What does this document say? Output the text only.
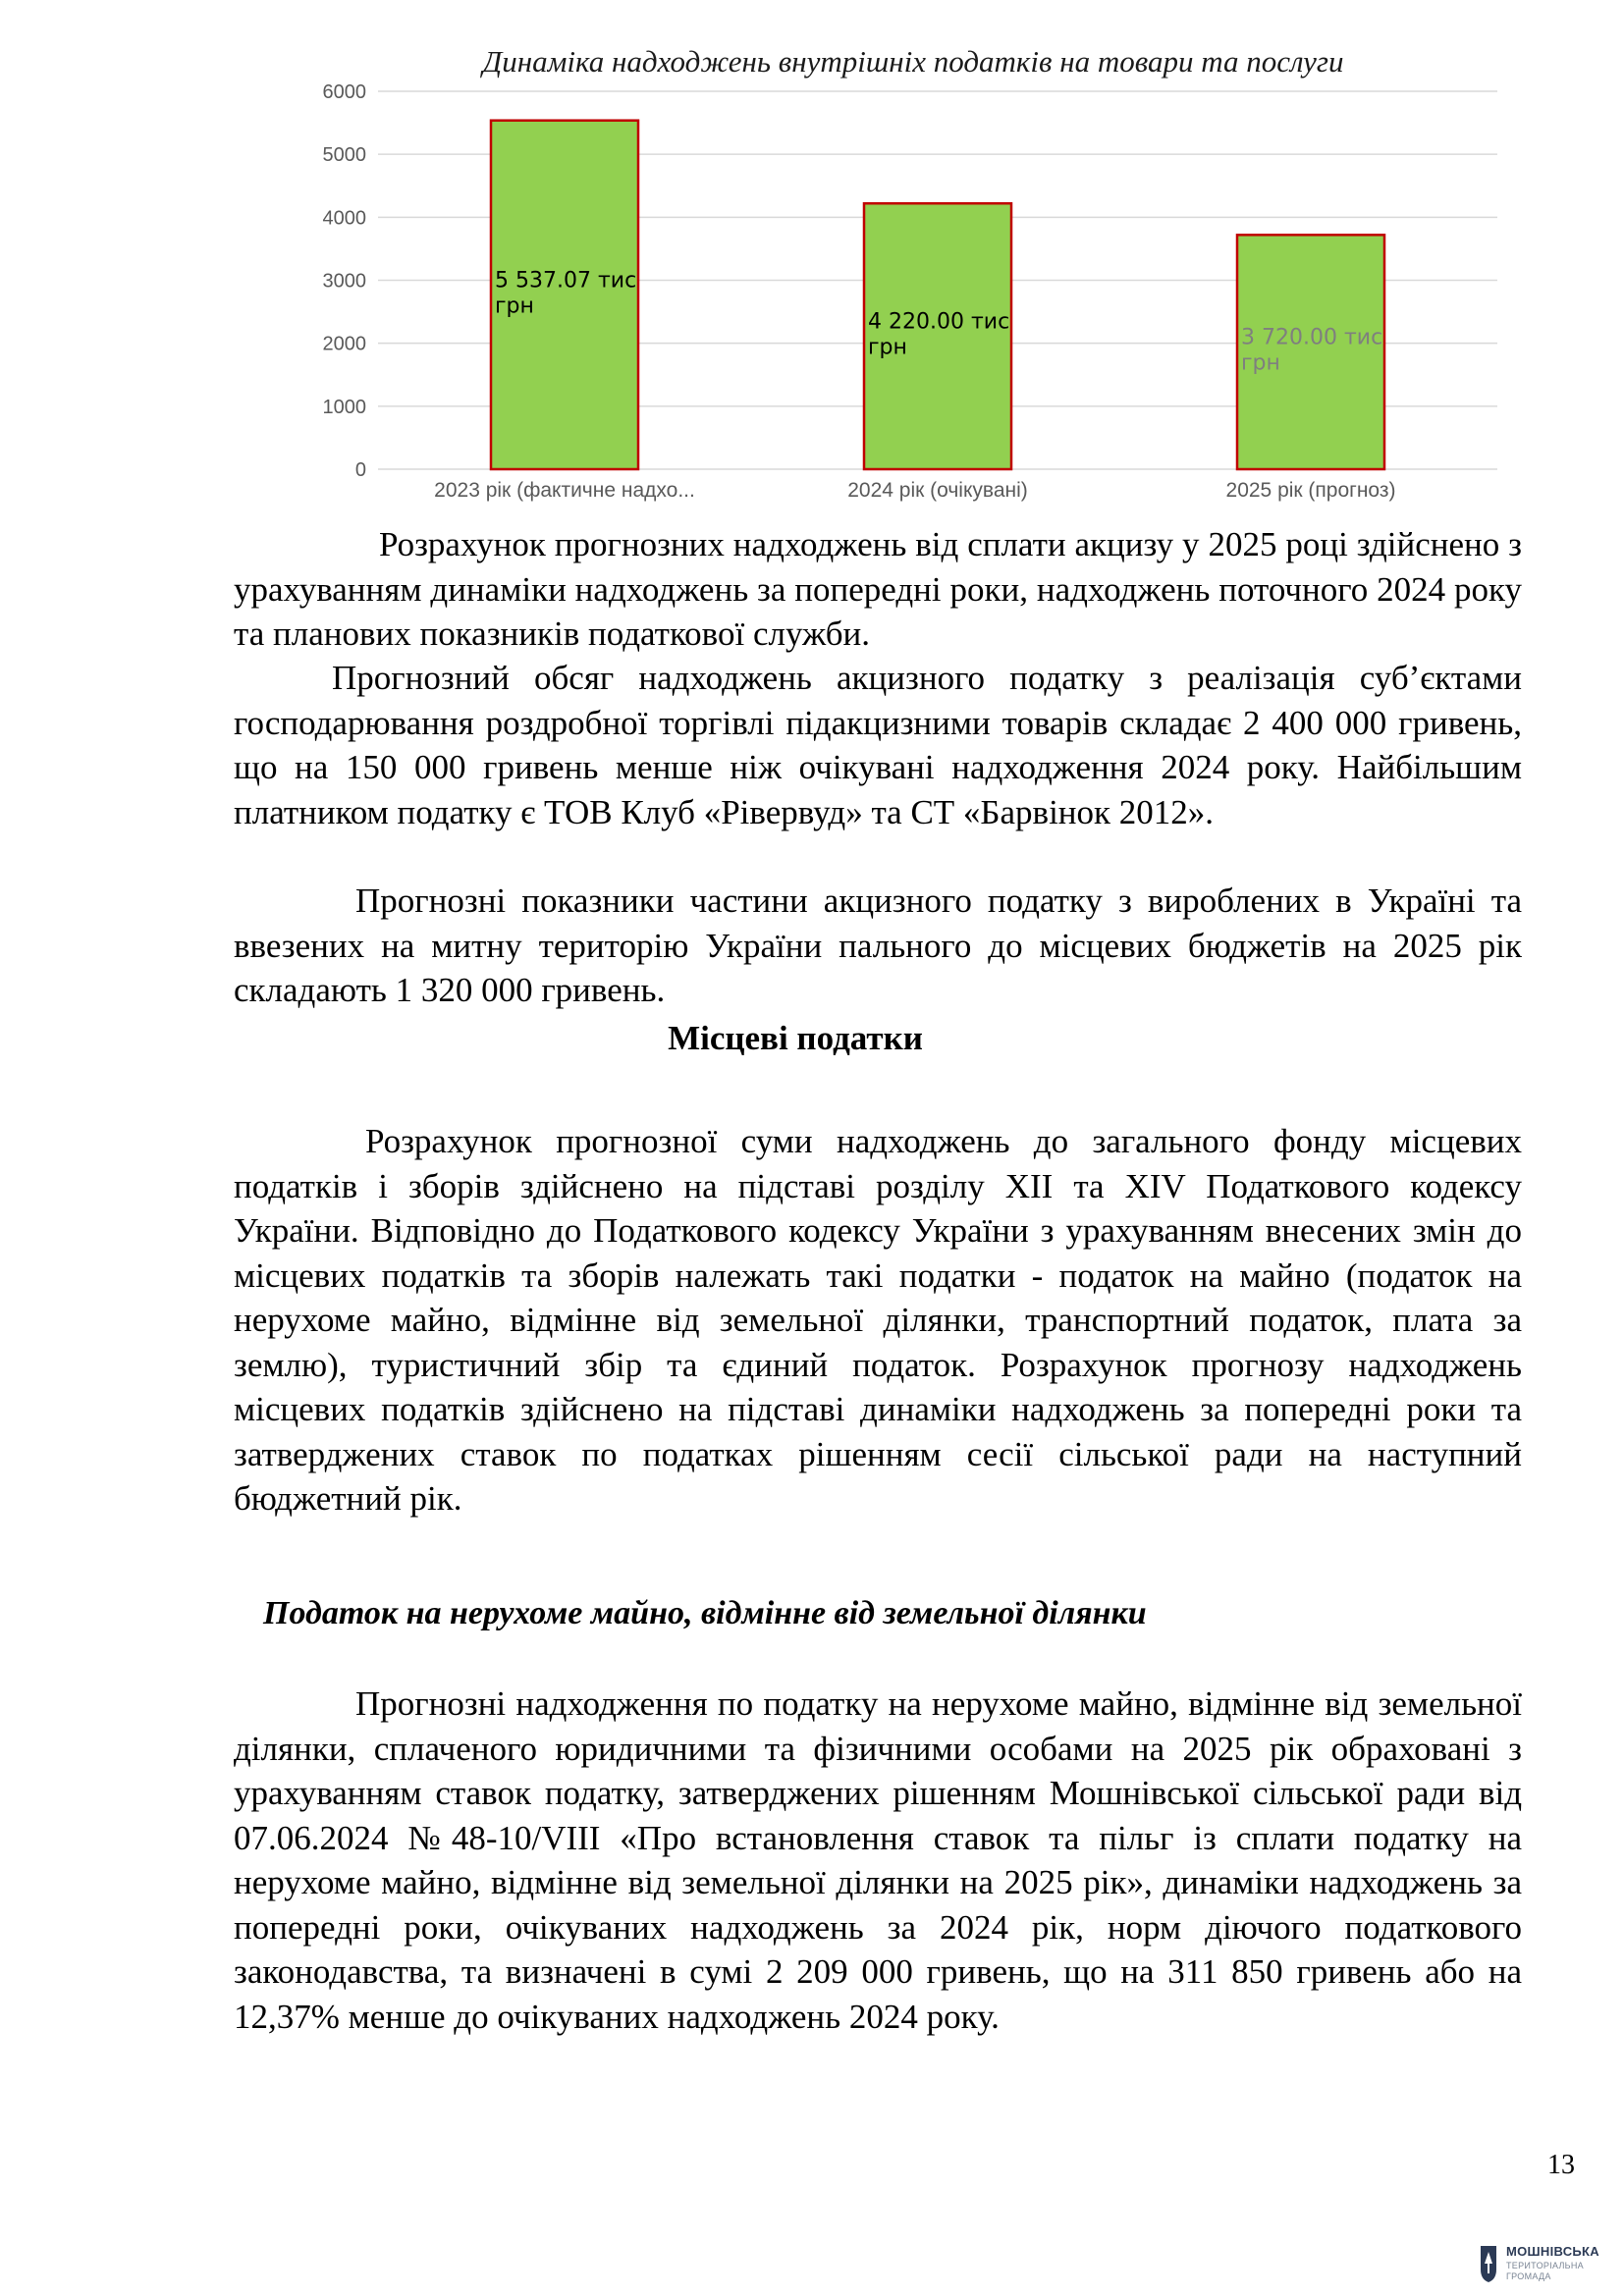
Динаміка надходжень внутрішніх податків на товари та послуги
0
1000
2000
3000
4000
5000
6000
2023 рік (фактичне надхо...
5 537.07 тис грн
2024 рік (очікувані)
4 220.00 тис грн
2025 рік (прогноз)
3 720.00 тис грн

Розрахунок прогнозних надходжень від сплати акцизу у 2025 році здійснено з урахуванням динаміки надходжень за попередні роки, надходжень поточного 2024 року та планових показників податкової служби.

Прогнозний обсяг надходжень акцизного податку з реалізація суб’єктами господарювання роздробної торгівлі підакцизними товарів складає 2 400 000 гривень, що на 150 000 гривень менше ніж очікувані надходження 2024 року. Найбільшим платником податку є ТОВ Клуб «Рівервуд» та СТ «Барвінок 2012».

Прогнозні показники частини акцизного податку з вироблених в Україні та ввезених на митну територію України пального до місцевих бюджетів на 2025 рік складають 1 320 000 гривень.

Місцеві податки

Розрахунок прогнозної суми надходжень до загального фонду місцевих податків і зборів здійснено на підставі розділу ХІІ та ХІV Податкового кодексу України. Відповідно до Податкового кодексу України з урахуванням внесених змін до місцевих податків та зборів належать такі податки - податок на майно (податок на нерухоме майно, відмінне від земельної ділянки, транспортний податок, плата за землю), туристичний збір та єдиний податок. Розрахунок прогнозу надходжень місцевих податків здійснено на підставі динаміки надходжень за попередні роки та затверджених ставок по податках рішенням сесії сільської ради на наступний бюджетний рік.

Податок на нерухоме майно, відмінне від земельної ділянки

Прогнозні надходження по податку на нерухоме майно, відмінне від земельної ділянки, сплаченого юридичними та фізичними особами на 2025 рік обраховані з урахуванням ставок податку, затверджених рішенням Мошнівської сільської ради від 07.06.2024 №48-10/VIII «Про встановлення ставок та пільг із сплати податку на нерухоме майно, відмінне від земельної ділянки на 2025 рік», динаміки надходжень за попередні роки, очікуваних надходжень за 2024 рік, норм діючого податкового законодавства, та визначені в сумі 2 209 000 гривень, що на 311 850 гривень або на 12,37% менше до очікуваних надходжень 2024 року.

13
МОШНІВСЬКА
ТЕРИТОРІАЛЬНА
ГРОМАДА
